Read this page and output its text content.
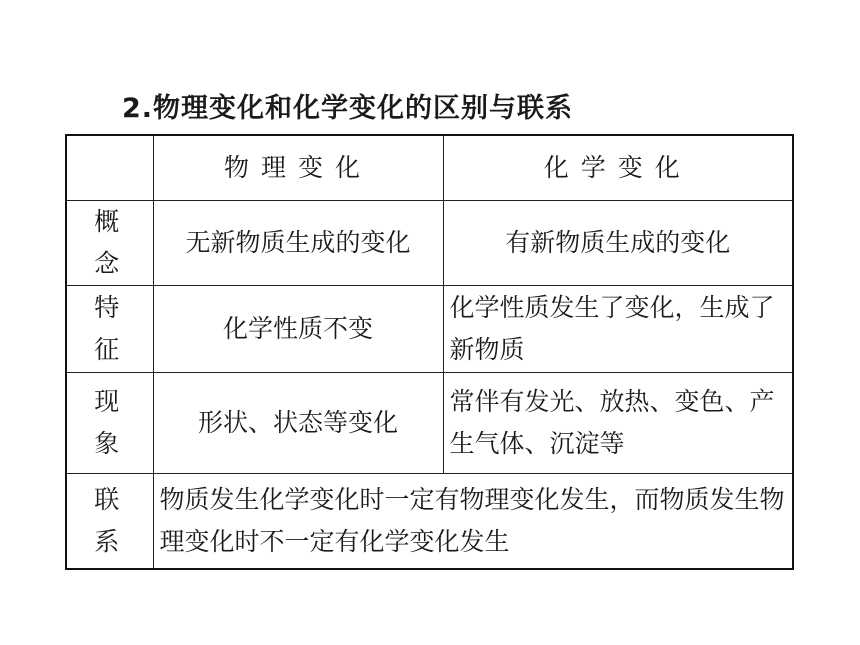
2.物理变化和化学变化的区别与联系
	物理变化	化学变化
概念	无新物质生成的变化	有新物质生成的变化
特征	化学性质不变	化学性质发生了变化，生成了新物质
现象	形状、状态等变化	常伴有发光、放热、变色、产生气体、沉淀等
联系	物质发生化学变化时一定有物理变化发生，而物质发生物理变化时不一定有化学变化发生	
